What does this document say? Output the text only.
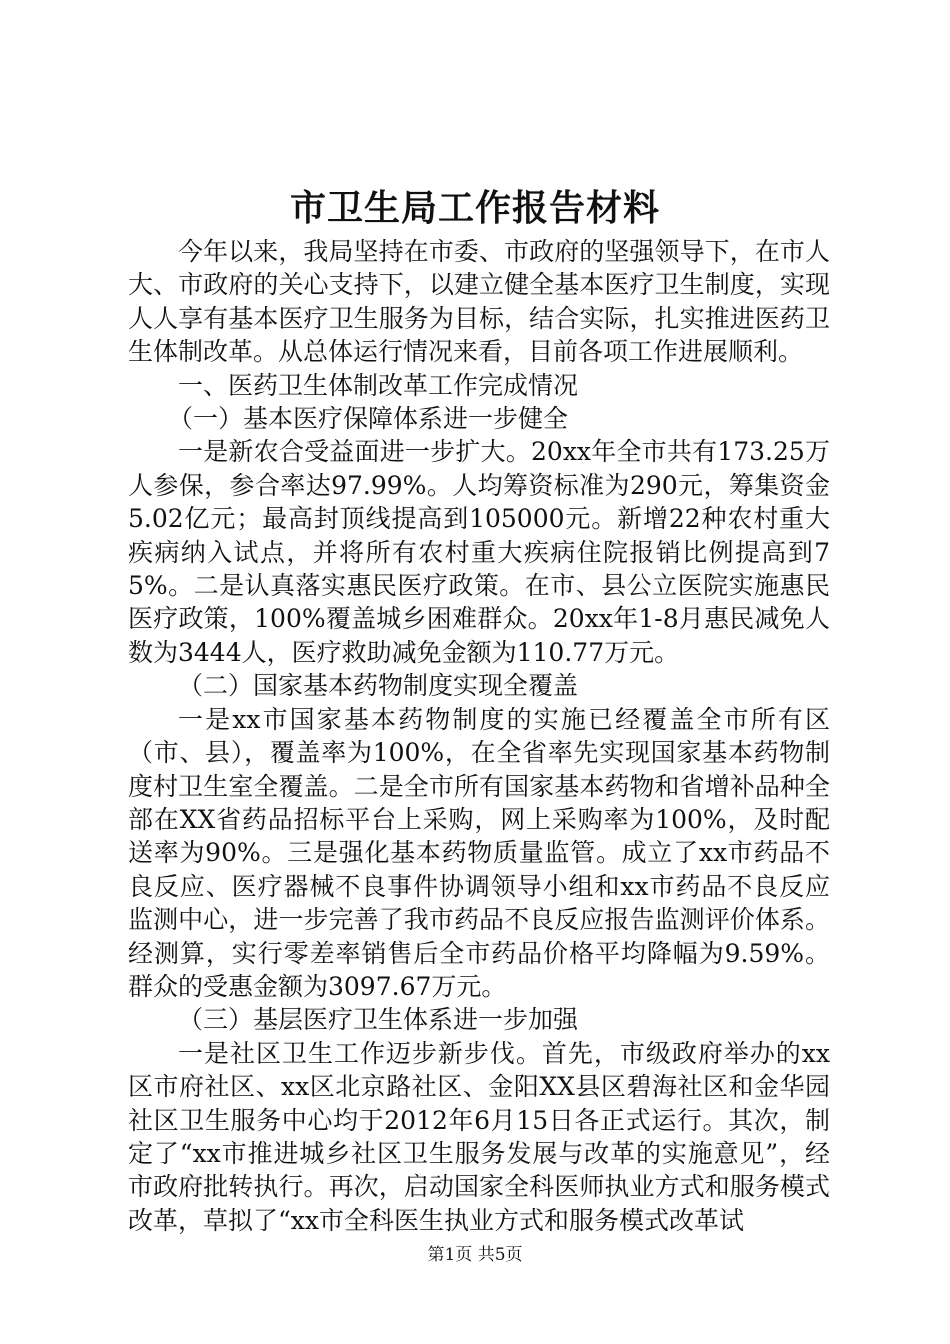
市卫生局工作报告材料

今年以来，我局坚持在市委、市政府的坚强领导下，在市人大、市政府的关心支持下，以建立健全基本医疗卫生制度，实现人人享有基本医疗卫生服务为目标，结合实际，扎实推进医药卫生体制改革。从总体运行情况来看，目前各项工作进展顺利。

一、医药卫生体制改革工作完成情况

（一）基本医疗保障体系进一步健全

一是新农合受益面进一步扩大。20xx年全市共有173.25万人参保，参合率达97.99%。人均筹资标准为290元，筹集资金5.02亿元；最高封顶线提高到105000元。新增22种农村重大疾病纳入试点，并将所有农村重大疾病住院报销比例提高到75%。二是认真落实惠民医疗政策。在市、县公立医院实施惠民医疗政策，100%覆盖城乡困难群众。20xx年1-8月惠民减免人数为3444人，医疗救助减免金额为110.77万元。

（二）国家基本药物制度实现全覆盖

一是xx市国家基本药物制度的实施已经覆盖全市所有区（市、县），覆盖率为100%，在全省率先实现国家基本药物制度村卫生室全覆盖。二是全市所有国家基本药物和省增补品种全部在XX省药品招标平台上采购，网上采购率为100%，及时配送率为90%。三是强化基本药物质量监管。成立了xx市药品不良反应、医疗器械不良事件协调领导小组和xx市药品不良反应监测中心，进一步完善了我市药品不良反应报告监测评价体系。经测算，实行零差率销售后全市药品价格平均降幅为9.59%。群众的受惠金额为3097.67万元。

（三）基层医疗卫生体系进一步加强

一是社区卫生工作迈步新步伐。首先，市级政府举办的xx区市府社区、xx区北京路社区、金阳XX县区碧海社区和金华园社区卫生服务中心均于2012年6月15日各正式运行。其次，制定了“xx市推进城乡社区卫生服务发展与改革的实施意见”，经市政府批转执行。再次，启动国家全科医师执业方式和服务模式改革，草拟了“xx市全科医生执业方式和服务模式改革试

第1页 共5页
